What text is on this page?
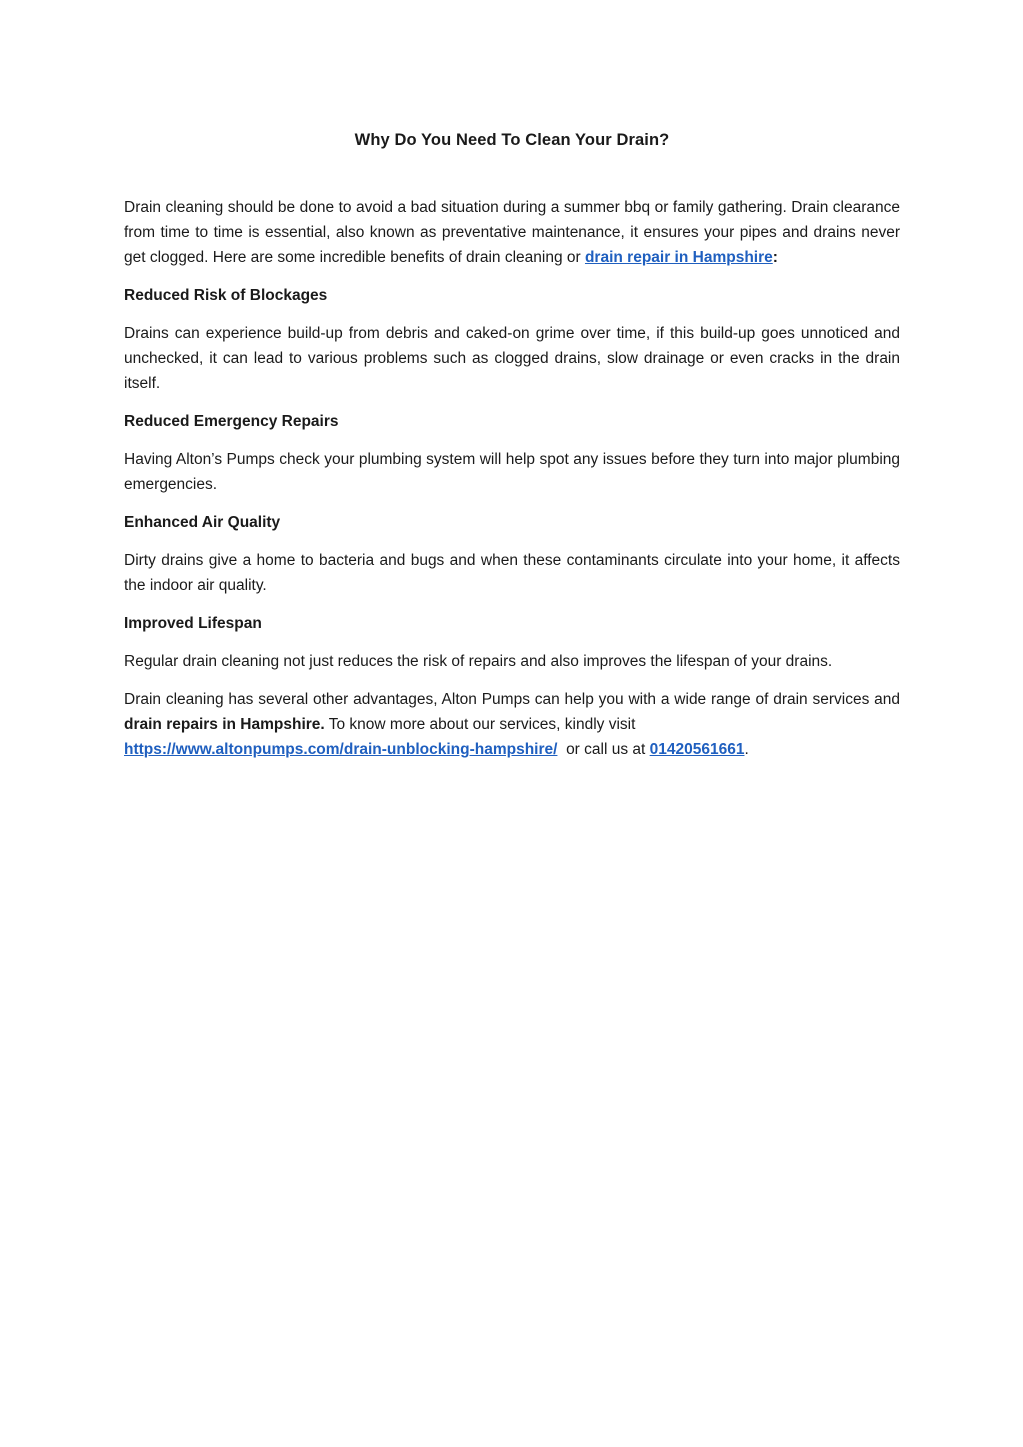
Why Do You Need To Clean Your Drain?

Drain cleaning should be done to avoid a bad situation during a summer bbq or family gathering. Drain clearance from time to time is essential, also known as preventative maintenance, it ensures your pipes and drains never get clogged. Here are some incredible benefits of drain cleaning or drain repair in Hampshire:

Reduced Risk of Blockages

Drains can experience build-up from debris and caked-on grime over time, if this build-up goes unnoticed and unchecked, it can lead to various problems such as clogged drains, slow drainage or even cracks in the drain itself.

Reduced Emergency Repairs

Having Alton’s Pumps check your plumbing system will help spot any issues before they turn into major plumbing emergencies.

Enhanced Air Quality

Dirty drains give a home to bacteria and bugs and when these contaminants circulate into your home, it affects the indoor air quality.

Improved Lifespan

Regular drain cleaning not just reduces the risk of repairs and also improves the lifespan of your drains.

Drain cleaning has several other advantages, Alton Pumps can help you with a wide range of drain services and drain repairs in Hampshire. To know more about our services, kindly visit
https://www.altonpumps.com/drain-unblocking-hampshire/  or call us at 01420561661.
